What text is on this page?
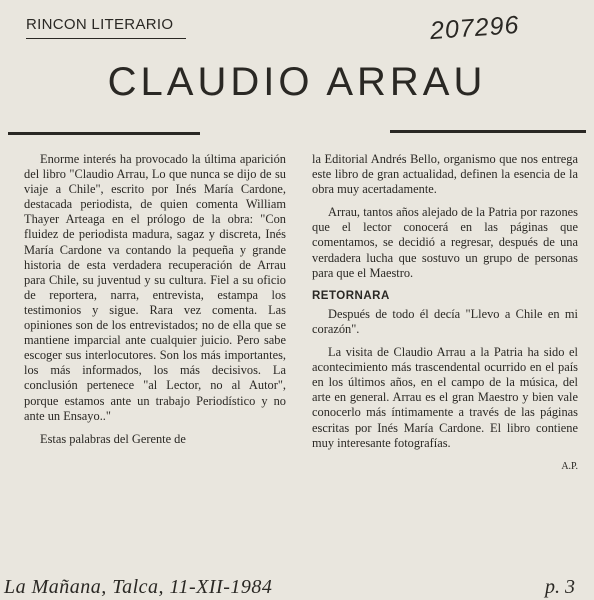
RINCON LITERARIO	207296
CLAUDIO ARRAU

Enorme interés ha provocado la última aparición del libro "Claudio Arrau, Lo que nunca se dijo de su viaje a Chile", escrito por Inés María Cardone, destacada periodista, de quien comenta William Thayer Arteaga en el prólogo de la obra: "Con fluidez de periodista madura, sagaz y discreta, Inés María Cardone va contando la pequeña y grande historia de esta verdadera recuperación de Arrau para Chile, su juventud y su cultura. Fiel a su oficio de reportera, narra, entrevista, estampa los testimonios y sigue. Rara vez comenta. Las opiniones son de los entrevistados; no de ella que se mantiene imparcial ante cualquier juicio. Pero sabe escoger sus interlocutores. Son los más importantes, los más informados, los más decisivos. La conclusión pertenece "al Lector, no al Autor", porque estamos ante un trabajo Periodístico y no ante un Ensayo.."

Estas palabras del Gerente de

la Editorial Andrés Bello, organismo que nos entrega este libro de gran actualidad, definen la esencia de la obra muy acertadamente.

Arrau, tantos años alejado de la Patria por razones que el lector conocerá en las páginas que comentamos, se decidió a regresar, después de una verdadera lucha que sostuvo un grupo de personas para que el Maestro.

RETORNARA

Después de todo él decía "Llevo a Chile en mi corazón".

La visita de Claudio Arrau a la Patria ha sido el acontecimiento más trascendental ocurrido en el país en los últimos años, en el campo de la música, del arte en general. Arrau es el gran Maestro y bien vale conocerlo más íntimamente a través de las páginas escritas por Inés María Cardone. El libro contiene muy interesante fotografías.

A.P.

La Mañana, Talca, 11-XII-1984	p. 3
